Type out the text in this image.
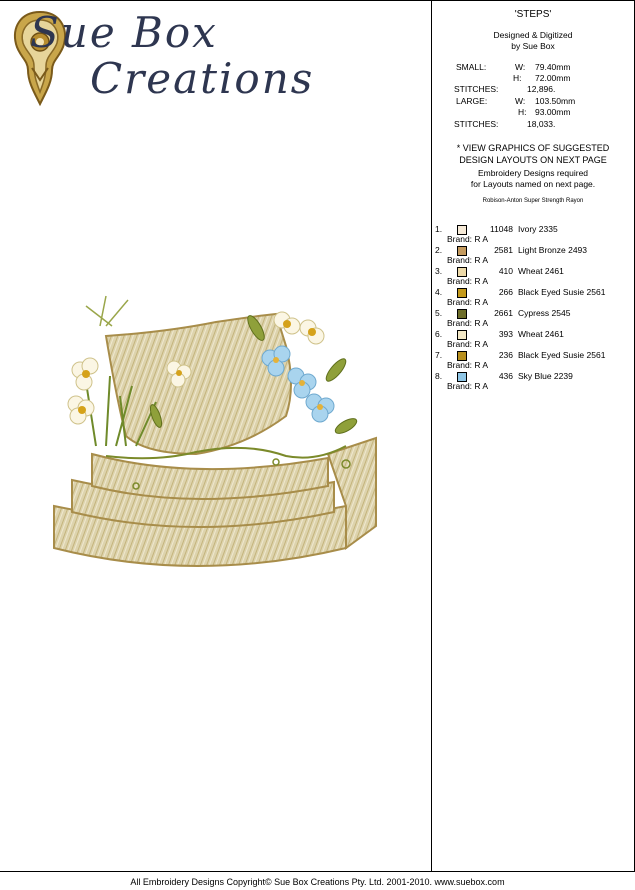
Sue Box
Creations
'STEPS'
Designed & Digitized
by Sue Box
SMALL:	W: 79.40mm
H: 72.00mm
STITCHES:	12,896.
LARGE:	W: 103.50mm
H: 93.00mm
STITCHES:	18,033.
* VIEW GRAPHICS OF SUGGESTED
DESIGN LAYOUTS ON NEXT PAGE
Embroidery Designs required
for Layouts named on next page.
Robison-Anton Super Strength Rayon
1.	11048 Ivory 2335
Brand: R A
2.	2581 Light Bronze 2493
Brand: R A
3.	410 Wheat 2461
Brand: R A
4.	266 Black Eyed Susie 2561
Brand: R A
5.	2661 Cypress 2545
Brand: R A
6.	393 Wheat 2461
Brand: R A
7.	236 Black Eyed Susie 2561
Brand: R A
8.	436 Sky Blue 2239
Brand: R A
All Embroidery Designs Copyright© Sue Box Creations Pty. Ltd. 2001-2010. www.suebox.com
